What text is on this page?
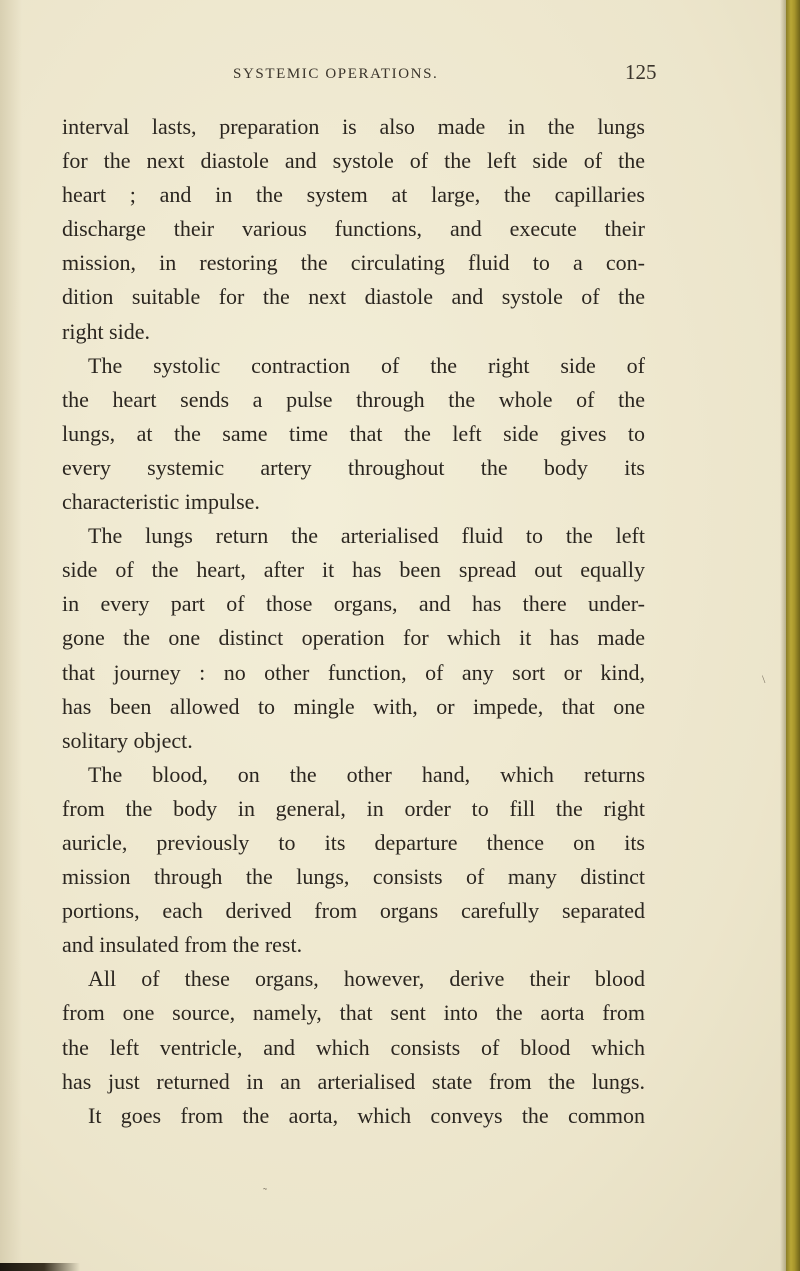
SYSTEMIC OPERATIONS.	125
interval lasts, preparation is also made in the lungs
for the next diastole and systole of the left side of the
heart ; and in the system at large, the capillaries
discharge their various functions, and execute their
mission, in restoring the circulating fluid to a con-
dition suitable for the next diastole and systole of the
right side.
The systolic contraction of the right side of
the heart sends a pulse through the whole of the
lungs, at the same time that the left side gives to
every systemic artery throughout the body its
characteristic impulse.
The lungs return the arterialised fluid to the left
side of the heart, after it has been spread out equally
in every part of those organs, and has there under-
gone the one distinct operation for which it has made
that journey : no other function, of any sort or kind,
has been allowed to mingle with, or impede, that one
solitary object.
The blood, on the other hand, which returns
from the body in general, in order to fill the right
auricle, previously to its departure thence on its
mission through the lungs, consists of many distinct
portions, each derived from organs carefully separated
and insulated from the rest.
All of these organs, however, derive their blood
from one source, namely, that sent into the aorta from
the left ventricle, and which consists of blood which
has just returned in an arterialised state from the lungs.
It goes from the aorta, which conveys the common
\
˜
